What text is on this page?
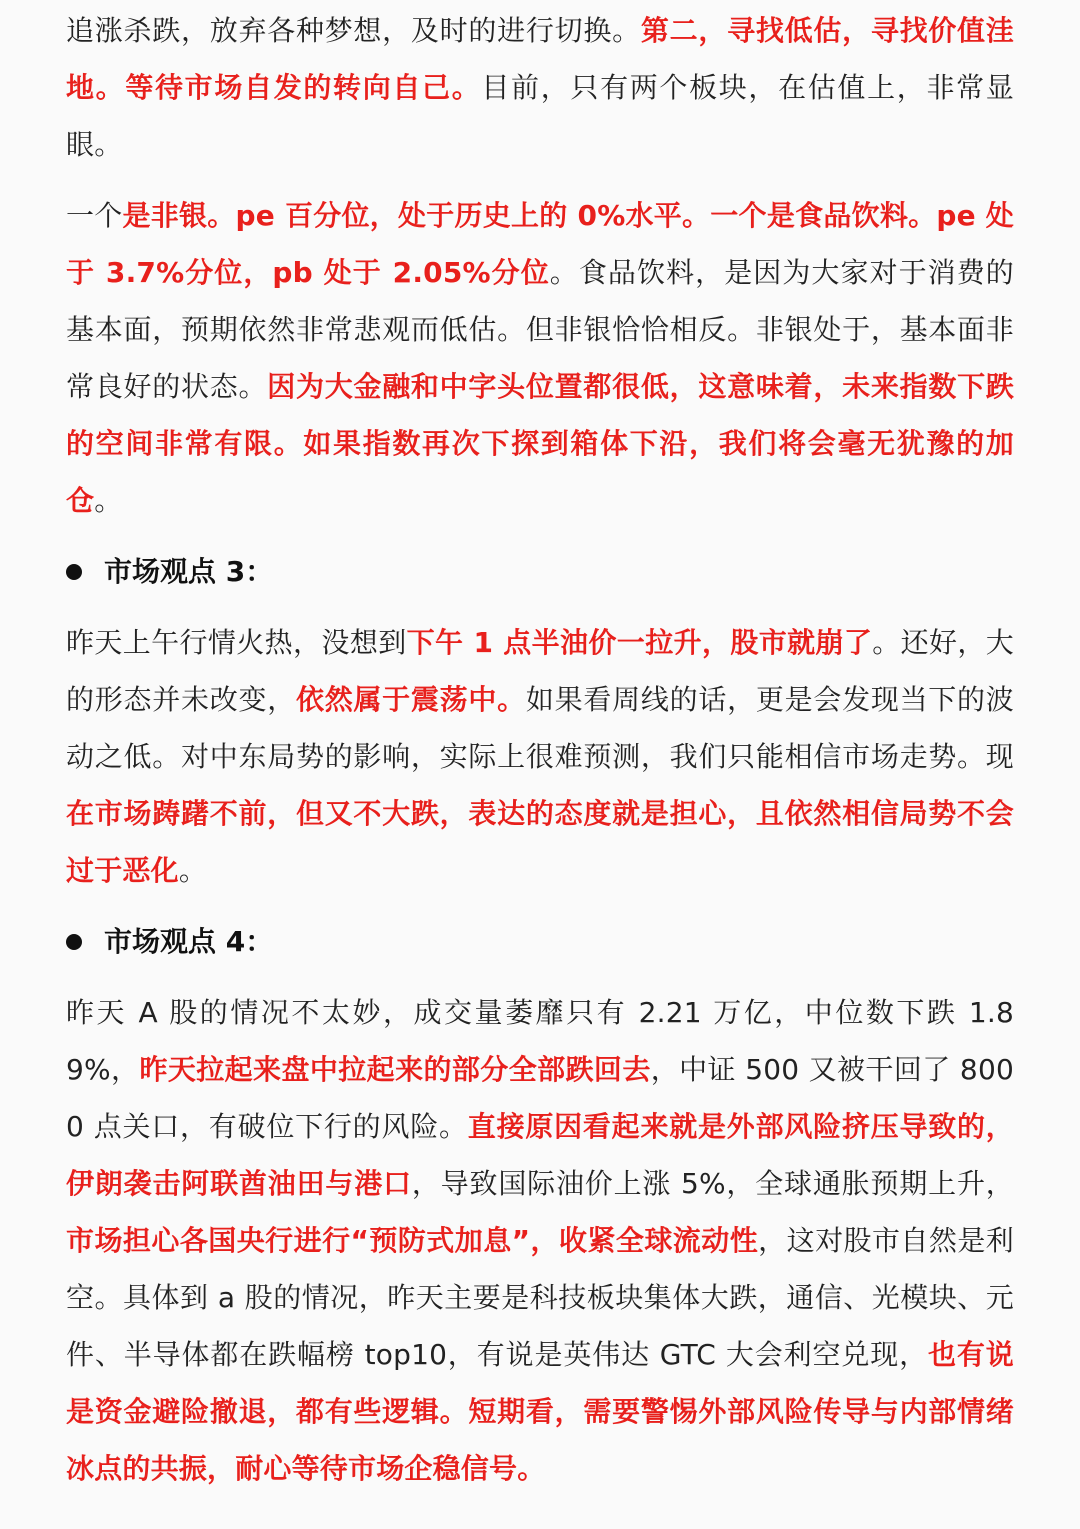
追涨杀跌，放弃各种梦想，及时的进行切换。第二，寻找低估，寻找价值洼地。等待市场自发的转向自己。目前，只有两个板块，在估值上，非常显眼。

一个是非银。pe 百分位，处于历史上的 0%水平。一个是食品饮料。pe 处于 3.7%分位，pb 处于 2.05%分位。食品饮料，是因为大家对于消费的基本面，预期依然非常悲观而低估。但非银恰恰相反。非银处于，基本面非常良好的状态。因为大金融和中字头位置都很低，这意味着，未来指数下跌的空间非常有限。如果指数再次下探到箱体下沿，我们将会毫无犹豫的加仓。

市场观点 3：

昨天上午行情火热，没想到下午 1 点半油价一拉升，股市就崩了。还好，大的形态并未改变，依然属于震荡中。如果看周线的话，更是会发现当下的波动之低。对中东局势的影响，实际上很难预测，我们只能相信市场走势。现在市场踌躇不前，但又不大跌，表达的态度就是担心，且依然相信局势不会过于恶化。

市场观点 4：

昨天 A 股的情况不太妙，成交量萎靡只有 2.21 万亿，中位数下跌 1.89%，昨天拉起来盘中拉起来的部分全部跌回去，中证 500 又被干回了 8000 点关口，有破位下行的风险。直接原因看起来就是外部风险挤压导致的，伊朗袭击阿联酋油田与港口，导致国际油价上涨 5%，全球通胀预期上升，市场担心各国央行进行“预防式加息”，收紧全球流动性，这对股市自然是利空。具体到 a 股的情况，昨天主要是科技板块集体大跌，通信、光模块、元件、半导体都在跌幅榜 top10，有说是英伟达 GTC 大会利空兑现，也有说是资金避险撤退，都有些逻辑。短期看，需要警惕外部风险传导与内部情绪冰点的共振，耐心等待市场企稳信号。
